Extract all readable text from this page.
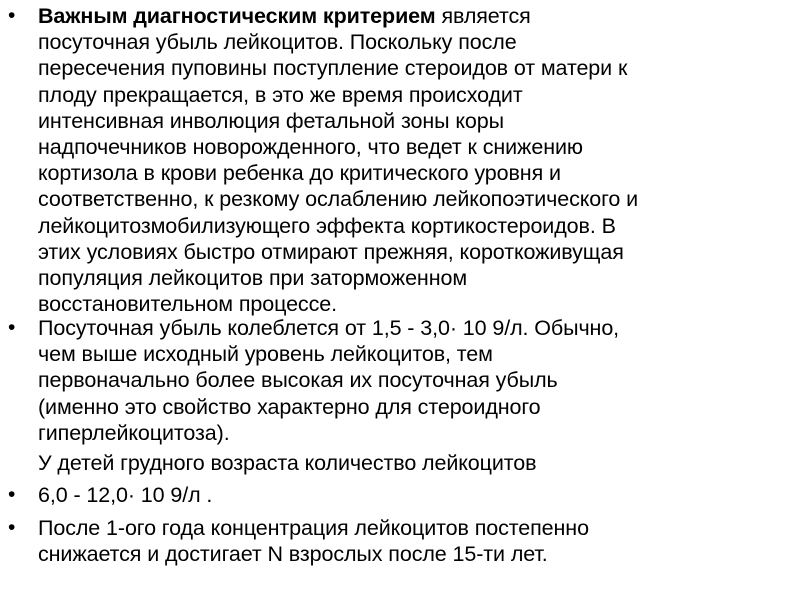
• Важным диагностическим критерием является
посуточная убыль лейкоцитов. Поскольку после
пересечения пуповины поступление стероидов от матери к
плоду прекращается, в это же время происходит
интенсивная инволюция фетальной зоны коры
надпочечников новорожденного, что ведет к снижению
кортизола в крови ребенка до критического уровня и
соответственно, к резкому ослаблению лейкопоэтического и
лейкоцитозмобилизующего эффекта кортикостероидов. В
этих условиях быстро отмирают прежняя, короткоживущая
популяция лейкоцитов при заторможенном
восстановительном процессе.
• Посуточная убыль колеблется от 1,5 - 3,0· 10 9/л. Обычно,
чем выше исходный уровень лейкоцитов, тем
первоначально более высокая их посуточная убыль
(именно это свойство характерно для стероидного
гиперлейкоцитоза).
У детей грудного возраста количество лейкоцитов
• 6,0 - 12,0· 10 9/л .
• После 1-ого года концентрация лейкоцитов постепенно
снижается и достигает N взрослых после 15-ти лет.
